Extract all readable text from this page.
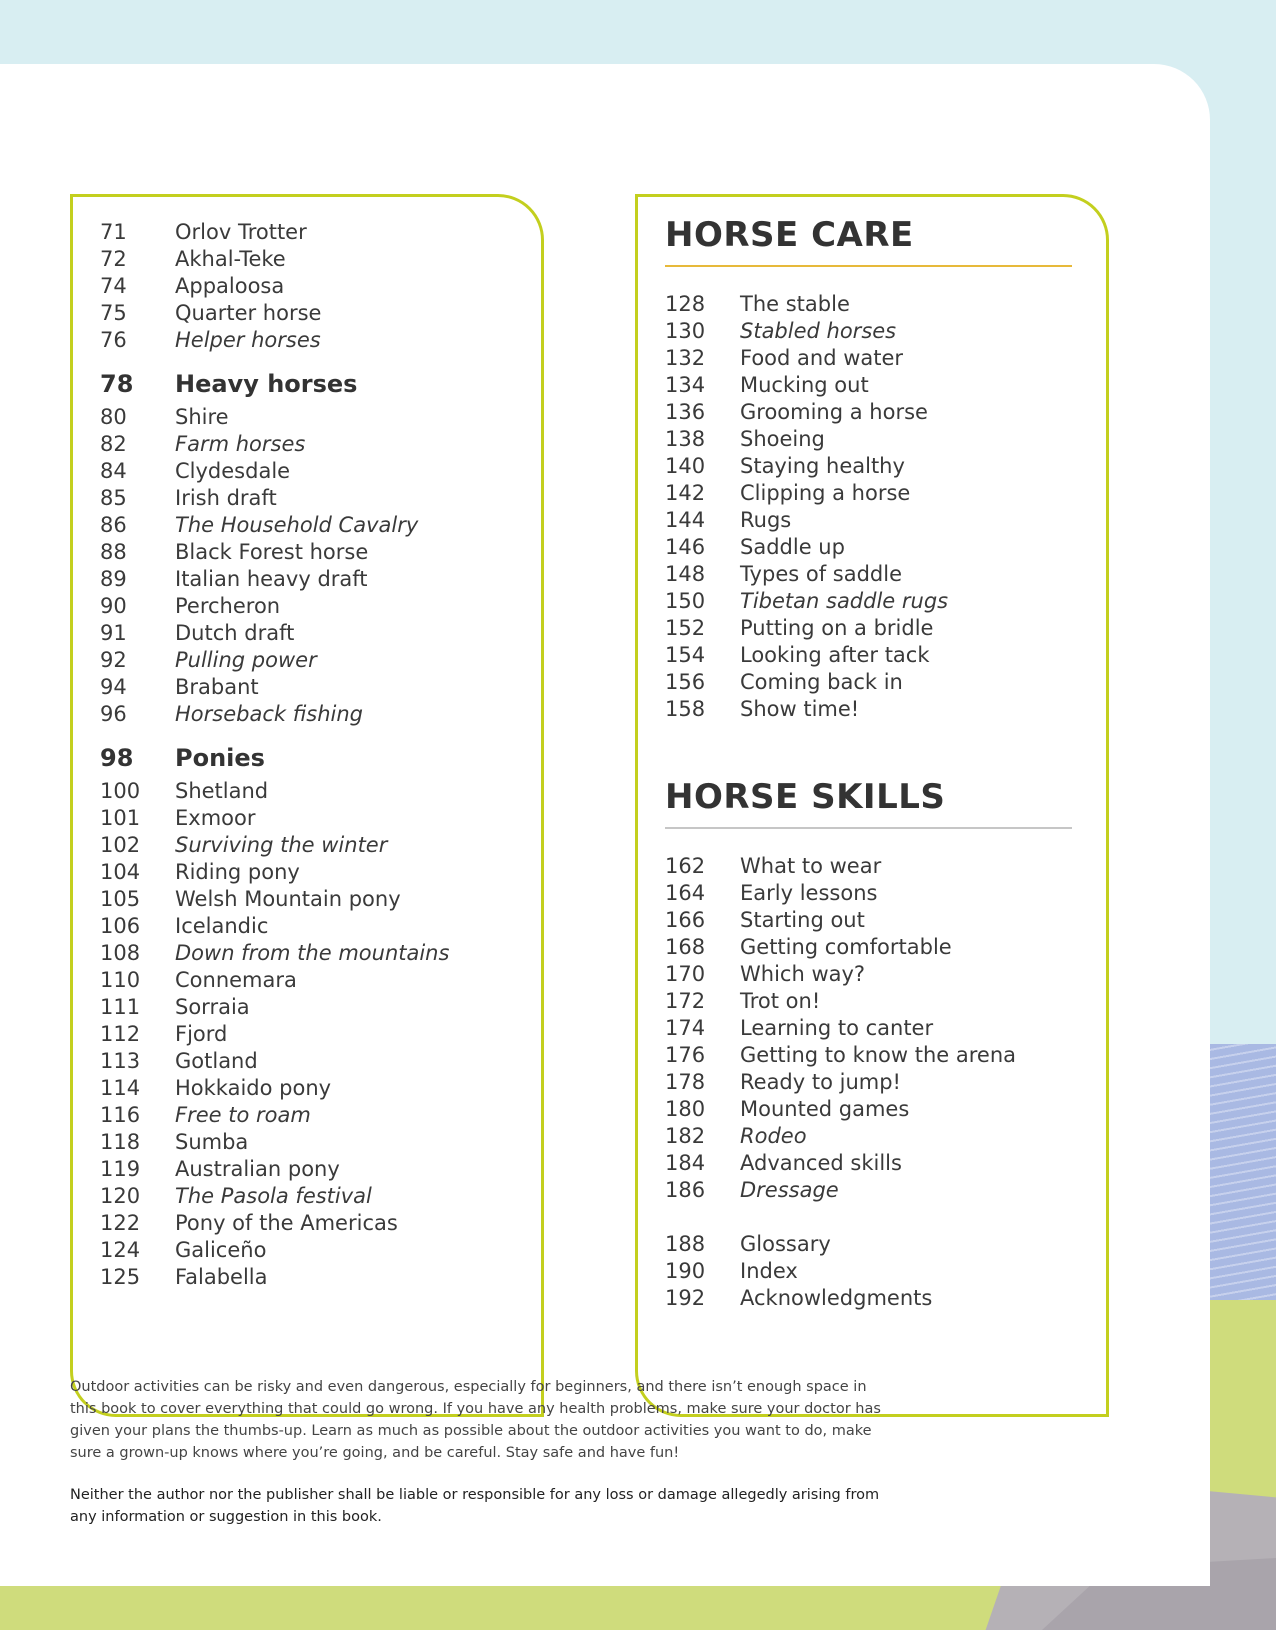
71	Orlov Trotter
72	Akhal-Teke
74	Appaloosa
75	Quarter horse
76	Helper horses
78	Heavy horses
80	Shire
82	Farm horses
84	Clydesdale
85	Irish draft
86	The Household Cavalry
88	Black Forest horse
89	Italian heavy draft
90	Percheron
91	Dutch draft
92	Pulling power
94	Brabant
96	Horseback fishing
98	Ponies
100	Shetland
101	Exmoor
102	Surviving the winter
104	Riding pony
105	Welsh Mountain pony
106	Icelandic
108	Down from the mountains
110	Connemara
111	Sorraia
112	Fjord
113	Gotland
114	Hokkaido pony
116	Free to roam
118	Sumba
119	Australian pony
120	The Pasola festival
122	Pony of the Americas
124	Galiceño
125	Falabella
HORSE CARE
128	The stable
130	Stabled horses
132	Food and water
134	Mucking out
136	Grooming a horse
138	Shoeing
140	Staying healthy
142	Clipping a horse
144	Rugs
146	Saddle up
148	Types of saddle
150	Tibetan saddle rugs
152	Putting on a bridle
154	Looking after tack
156	Coming back in
158	Show time!
HORSE SKILLS
162	What to wear
164	Early lessons
166	Starting out
168	Getting comfortable
170	Which way?
172	Trot on!
174	Learning to canter
176	Getting to know the arena
178	Ready to jump!
180	Mounted games
182	Rodeo
184	Advanced skills
186	Dressage
188	Glossary
190	Index
192	Acknowledgments

Outdoor activities can be risky and even dangerous, especially for beginners, and there isn’t enough space in this book to cover everything that could go wrong. If you have any health problems, make sure your doctor has given your plans the thumbs-up. Learn as much as possible about the outdoor activities you want to do, make sure a grown-up knows where you’re going, and be careful. Stay safe and have fun!

Neither the author nor the publisher shall be liable or responsible for any loss or damage allegedly arising from any information or suggestion in this book.
